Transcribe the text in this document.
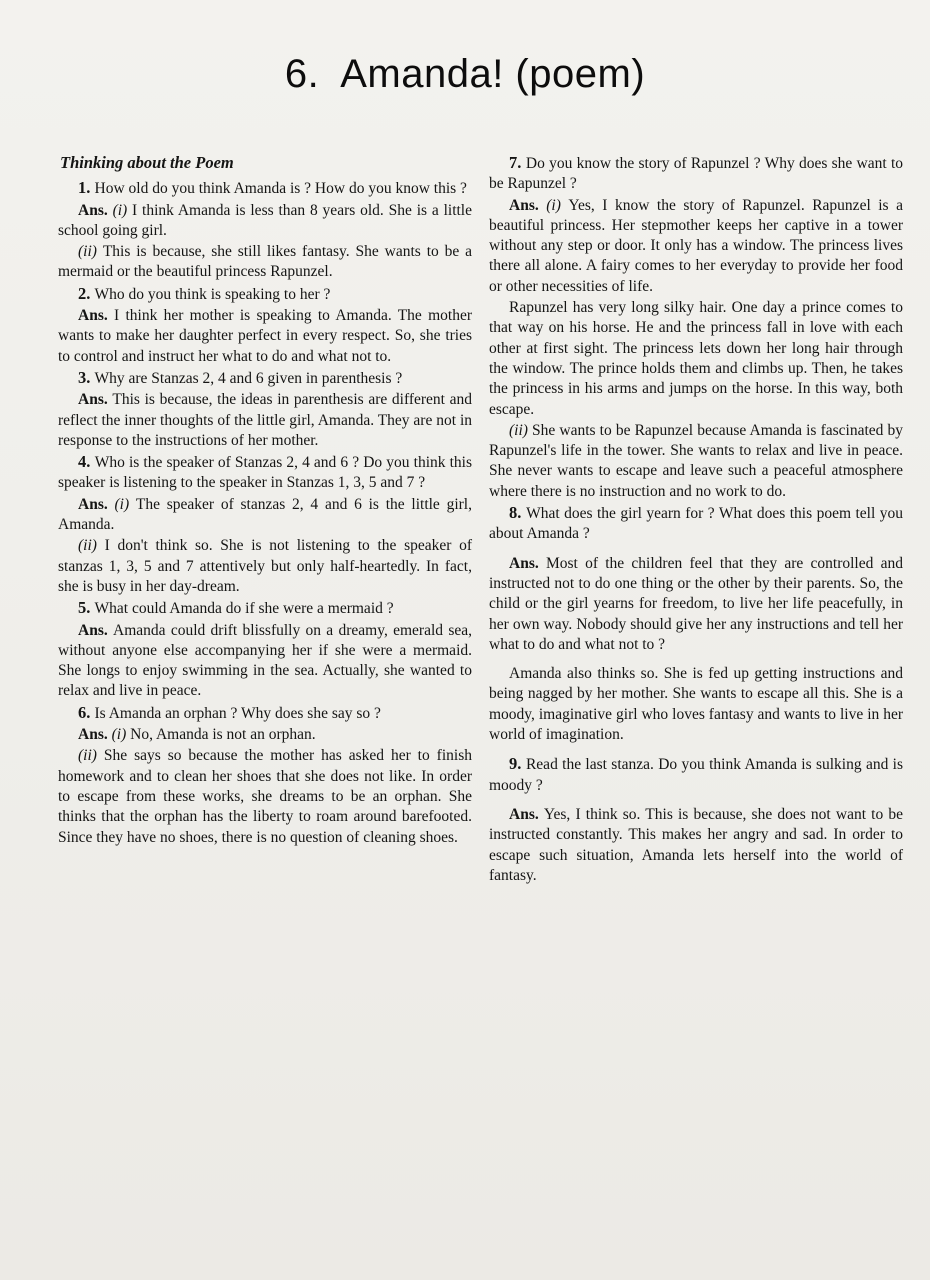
6.  Amanda! (poem)

Thinking about the Poem

1. How old do you think Amanda is ? How do you know this ?

Ans. (i) I think Amanda is less than 8 years old. She is a little school going girl.

(ii) This is because, she still likes fantasy. She wants to be a mermaid or the beautiful princess Rapunzel.

2. Who do you think is speaking to her ?

Ans. I think her mother is speaking to Amanda. The mother wants to make her daughter perfect in every respect. So, she tries to control and instruct her what to do and what not to.

3. Why are Stanzas 2, 4 and 6 given in parenthesis ?

Ans. This is because, the ideas in parenthesis are different and reflect the inner thoughts of the little girl, Amanda. They are not in response to the instructions of her mother.

4. Who is the speaker of Stanzas 2, 4 and 6 ? Do you think this speaker is listening to the speaker in Stanzas 1, 3, 5 and 7 ?

Ans. (i) The speaker of stanzas 2, 4 and 6 is the little girl, Amanda.

(ii) I don't think so. She is not listening to the speaker of stanzas 1, 3, 5 and 7 attentively but only half-heartedly. In fact, she is busy in her day-dream.

5. What could Amanda do if she were a mermaid ?

Ans. Amanda could drift blissfully on a dreamy, emerald sea, without anyone else accompanying her if she were a mermaid. She longs to enjoy swimming in the sea. Actually, she wanted to relax and live in peace.

6. Is Amanda an orphan ? Why does she say so ?

Ans. (i) No, Amanda is not an orphan.

(ii) She says so because the mother has asked her to finish homework and to clean her shoes that she does not like. In order to escape from these works, she dreams to be an orphan. She thinks that the orphan has the liberty to roam around barefooted. Since they have no shoes, there is no question of cleaning shoes.

7. Do you know the story of Rapunzel ? Why does she want to be Rapunzel ?

Ans. (i) Yes, I know the story of Rapunzel. Rapunzel is a beautiful princess. Her stepmother keeps her captive in a tower without any step or door. It only has a window. The princess lives there all alone. A fairy comes to her everyday to provide her food or other necessities of life.

Rapunzel has very long silky hair. One day a prince comes to that way on his horse. He and the princess fall in love with each other at first sight. The princess lets down her long hair through the window. The prince holds them and climbs up. Then, he takes the princess in his arms and jumps on the horse. In this way, both escape.

(ii) She wants to be Rapunzel because Amanda is fascinated by Rapunzel's life in the tower. She wants to relax and live in peace. She never wants to escape and leave such a peaceful atmosphere where there is no instruction and no work to do.

8. What does the girl yearn for ? What does this poem tell you about Amanda ?

Ans. Most of the children feel that they are controlled and instructed not to do one thing or the other by their parents. So, the child or the girl yearns for freedom, to live her life peacefully, in her own way. Nobody should give her any instructions and tell her what to do and what not to ?

Amanda also thinks so. She is fed up getting instructions and being nagged by her mother. She wants to escape all this. She is a moody, imaginative girl who loves fantasy and wants to live in her world of imagination.

9. Read the last stanza. Do you think Amanda is sulking and is moody ?

Ans. Yes, I think so. This is because, she does not want to be instructed constantly. This makes her angry and sad. In order to escape such situation, Amanda lets herself into the world of fantasy.
